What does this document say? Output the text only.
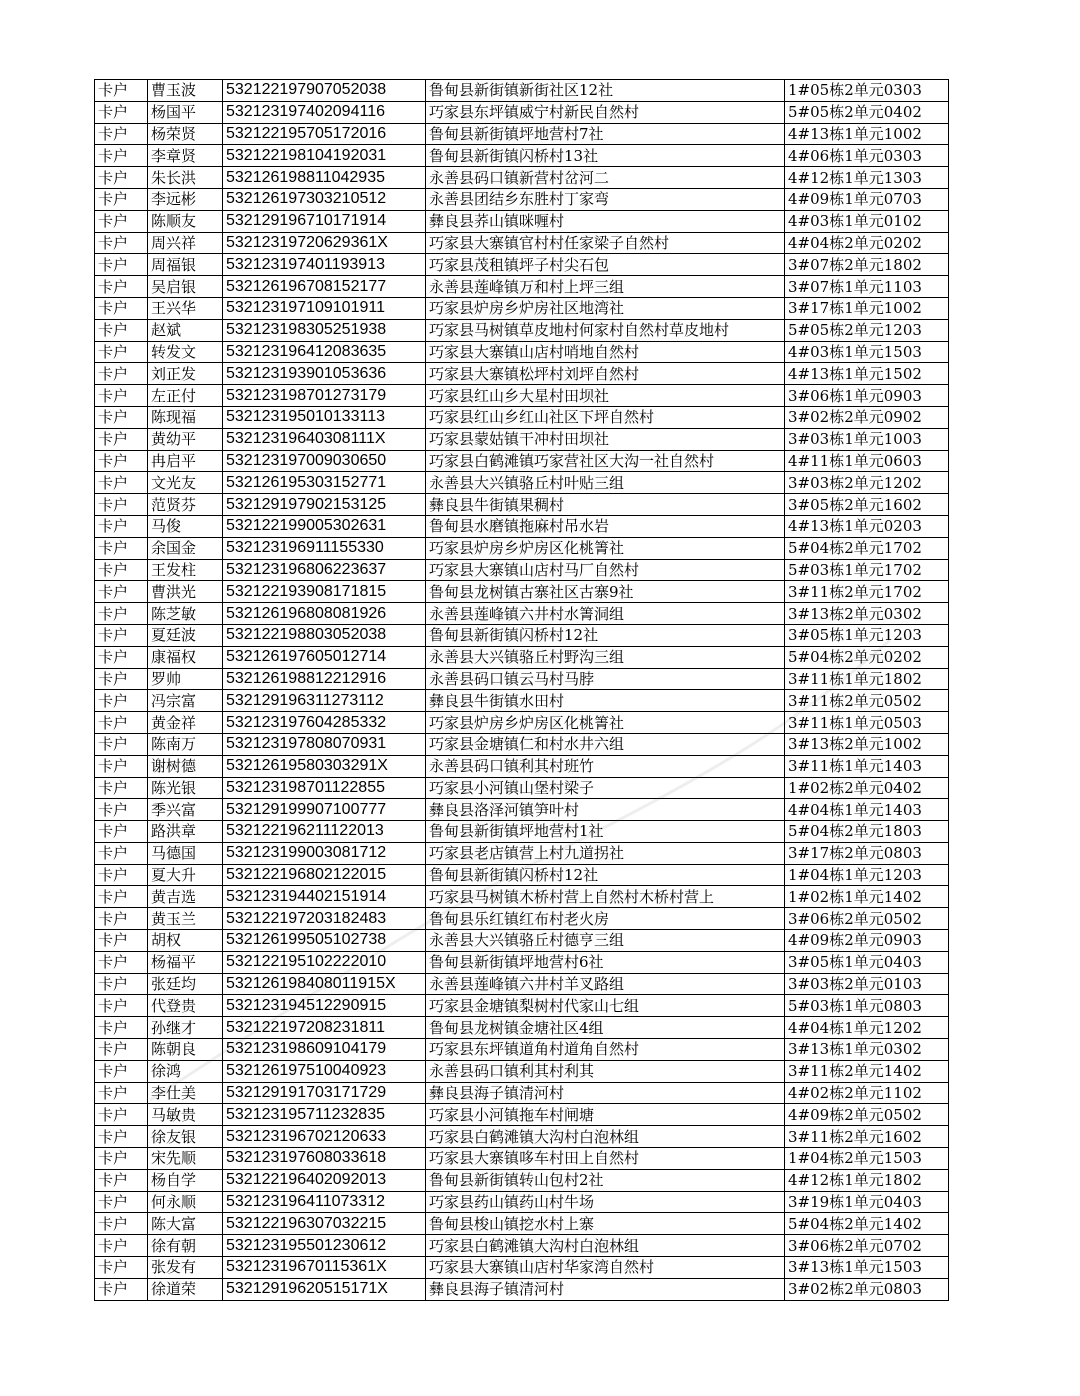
卡户	曹玉波	532122197907052038	鲁甸县新街镇新街社区12社	1#05栋2单元0303
卡户	杨国平	532123197402094116	巧家县东坪镇威宁村新民自然村	5#05栋2单元0402
卡户	杨荣贤	532122195705172016	鲁甸县新街镇坪地营村7社	4#13栋1单元1002
卡户	李章贤	532122198104192031	鲁甸县新街镇闪桥村13社	4#06栋1单元0303
卡户	朱长洪	532126198811042935	永善县码口镇新营村岔河二	4#12栋1单元1303
卡户	李远彬	532126197303210512	永善县团结乡东胜村丁家弯	4#09栋1单元0703
卡户	陈顺友	532129196710171914	彝良县荞山镇咪喱村	4#03栋1单元0102
卡户	周兴祥	53212319720629361X	巧家县大寨镇官村村任家梁子自然村	4#04栋2单元0202
卡户	周福银	532123197401193913	巧家县茂租镇坪子村尖石包	3#07栋2单元1802
卡户	吴启银	532126196708152177	永善县莲峰镇万和村上坪三组	3#07栋1单元1103
卡户	王兴华	532123197109101911	巧家县炉房乡炉房社区地湾社	3#17栋1单元1002
卡户	赵斌	532123198305251938	巧家县马树镇草皮地村何家村自然村草皮地村	5#05栋2单元1203
卡户	转发文	532123196412083635	巧家县大寨镇山店村哨地自然村	4#03栋1单元1503
卡户	刘正发	532123193901053636	巧家县大寨镇松坪村刘坪自然村	4#13栋1单元1502
卡户	左正付	532123198701273179	巧家县红山乡大星村田坝社	3#06栋1单元0903
卡户	陈现福	532123195010133113	巧家县红山乡红山社区下坪自然村	3#02栋2单元0902
卡户	黄幼平	53212319640308111X	巧家县蒙姑镇干冲村田坝社	3#03栋1单元1003
卡户	冉启平	532123197009030650	巧家县白鹤滩镇巧家营社区大沟一社自然村	4#11栋1单元0603
卡户	文光友	532126195303152771	永善县大兴镇骆丘村叶贴三组	3#03栋2单元1202
卡户	范贤芬	532129197902153125	彝良县牛街镇果稠村	3#05栋2单元1602
卡户	马俊	532122199005302631	鲁甸县水磨镇拖麻村吊水岩	4#13栋1单元0203
卡户	余国金	532123196911155330	巧家县炉房乡炉房区化桃箐社	5#04栋2单元1702
卡户	王发柱	532123196806223637	巧家县大寨镇山店村马厂自然村	5#03栋1单元1702
卡户	曹洪光	532122193908171815	鲁甸县龙树镇古寨社区古寨9社	3#11栋2单元1702
卡户	陈芝敏	532126196808081926	永善县莲峰镇六井村水箐洞组	3#13栋2单元0302
卡户	夏廷波	532122198803052038	鲁甸县新街镇闪桥村12社	3#05栋1单元1203
卡户	康福权	532126197605012714	永善县大兴镇骆丘村野沟三组	5#04栋2单元0202
卡户	罗帅	532126198812212916	永善县码口镇云马村马脖	3#11栋1单元1802
卡户	冯宗富	532129196311273112	彝良县牛街镇水田村	3#11栋2单元0502
卡户	黄金祥	532123197604285332	巧家县炉房乡炉房区化桃箐社	3#11栋1单元0503
卡户	陈南万	532123197808070931	巧家县金塘镇仁和村水井六组	3#13栋2单元1002
卡户	谢树德	53212619580303291X	永善县码口镇利其村班竹	3#11栋1单元1403
卡户	陈光银	532123198701122855	巧家县小河镇山堡村梁子	1#02栋2单元0402
卡户	季兴富	532129199907100777	彝良县洛泽河镇笋叶村	4#04栋1单元1403
卡户	路洪章	532122196211122013	鲁甸县新街镇坪地营村1社	5#04栋2单元1803
卡户	马德国	532123199003081712	巧家县老店镇营上村九道拐社	3#17栋2单元0803
卡户	夏大升	532122196802122015	鲁甸县新街镇闪桥村12社	1#04栋1单元1203
卡户	黄吉选	532123194402151914	巧家县马树镇木桥村营上自然村木桥村营上	1#02栋1单元1402
卡户	黄玉兰	532122197203182483	鲁甸县乐红镇红布村老火房	3#06栋2单元0502
卡户	胡权	532126199505102738	永善县大兴镇骆丘村德亨三组	4#09栋2单元0903
卡户	杨福平	532122195102222010	鲁甸县新街镇坪地营村6社	3#05栋1单元0403
卡户	张廷均	532126198408011915X	永善县莲峰镇六井村羊叉路组	3#03栋2单元0103
卡户	代登贵	532123194512290915	巧家县金塘镇梨树村代家山七组	5#03栋1单元0803
卡户	孙继才	532122197208231811	鲁甸县龙树镇金塘社区4组	4#04栋1单元1202
卡户	陈朝良	532123198609104179	巧家县东坪镇道角村道角自然村	3#13栋1单元0302
卡户	徐鸿	532126197510040923	永善县码口镇利其村利其	3#11栋2单元1402
卡户	李仕美	532129191703171729	彝良县海子镇清河村	4#02栋2单元1102
卡户	马敏贵	532123195711232835	巧家县小河镇拖车村闸塘	4#09栋2单元0502
卡户	徐友银	532123196702120633	巧家县白鹤滩镇大沟村白泡林组	3#11栋2单元1602
卡户	宋先顺	532123197608033618	巧家县大寨镇哆车村田上自然村	1#04栋2单元1503
卡户	杨自学	532122196402092013	鲁甸县新街镇转山包村2社	4#12栋1单元1802
卡户	何永顺	532123196411073312	巧家县药山镇药山村牛场	3#19栋1单元0403
卡户	陈大富	532122196307032215	鲁甸县梭山镇挖水村上寨	5#04栋2单元1402
卡户	徐有朝	532123195501230612	巧家县白鹤滩镇大沟村白泡林组	3#06栋2单元0702
卡户	张发有	53212319670115361X	巧家县大寨镇山店村华家湾自然村	3#13栋1单元1503
卡户	徐道荣	53212919620515171X	彝良县海子镇清河村	3#02栋2单元0803
